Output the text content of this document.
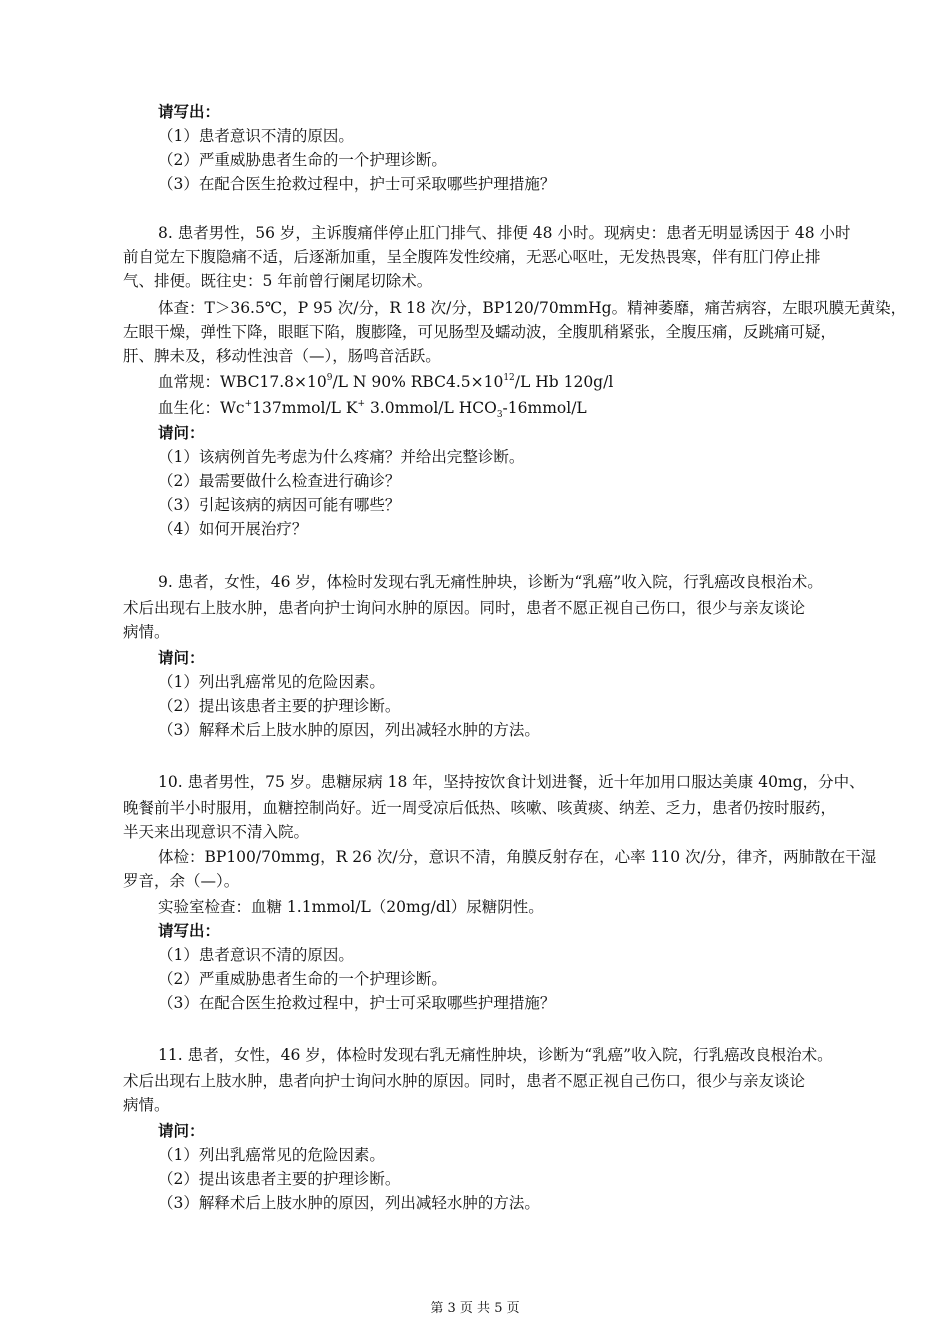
请写出：
（1）患者意识不清的原因。
（2）严重威胁患者生命的一个护理诊断。
（3）在配合医生抢救过程中，护士可采取哪些护理措施？
8. 患者男性，56 岁，主诉腹痛伴停止肛门排气、排便 48 小时。现病史：患者无明显诱因于 48 小时
前自觉左下腹隐痛不适，后逐渐加重，呈全腹阵发性绞痛，无恶心呕吐，无发热畏寒，伴有肛门停止排
气、排便。既往史：5 年前曾行阑尾切除术。
体查：T＞36.5℃，P 95 次/分，R 18 次/分，BP120/70mmHg。精神萎靡，痛苦病容，左眼巩膜无黄染，
左眼干燥，弹性下降，眼眶下陷，腹膨隆，可见肠型及蠕动波，全腹肌稍紧张，全腹压痛，反跳痛可疑，
肝、脾未及，移动性浊音（—），肠鸣音活跃。
血常规：$WBC17.8\times 10^9/L$ N 90% $RBC4.5\times 10^{12}/L$ Hb 120g/l
血生化：Wc+137mmol/L K+ 3.0mmol/L $HCO_3-16mmol/L$
请问：
（1）该病例首先考虑为什么疼痛？并给出完整诊断。
（2）最需要做什么检查进行确诊？
（3）引起该病的病因可能有哪些？
（4）如何开展治疗？
9. 患者，女性，46 岁，体检时发现右乳无痛性肿块，诊断为“乳癌”收入院，行乳癌改良根治术。
术后出现右上肢水肿，患者向护士询问水肿的原因。同时，患者不愿正视自己伤口，很少与亲友谈论
病情。
请问：
（1）列出乳癌常见的危险因素。
（2）提出该患者主要的护理诊断。
（3）解释术后上肢水肿的原因，列出减轻水肿的方法。
10. 患者男性，75 岁。患糖尿病 18 年，坚持按饮食计划进餐，近十年加用口服达美康 40mg，分中、
晚餐前半小时服用，血糖控制尚好。近一周受凉后低热、咳嗽、咳黄痰、纳差、乏力，患者仍按时服药，
半天来出现意识不清入院。
体检：BP100/70mmg，R 26 次/分，意识不清，角膜反射存在，心率 110 次/分，律齐，两肺散在干湿
罗音，余（—）。
实验室检查：血糖 1.1mmol/L（20mg/dl）尿糖阴性。
请写出：
（1）患者意识不清的原因。
（2）严重威胁患者生命的一个护理诊断。
（3）在配合医生抢救过程中，护士可采取哪些护理措施？
11. 患者，女性，46 岁，体检时发现右乳无痛性肿块，诊断为“乳癌”收入院，行乳癌改良根治术。
术后出现右上肢水肿，患者向护士询问水肿的原因。同时，患者不愿正视自己伤口，很少与亲友谈论
病情。
请问：
（1）列出乳癌常见的危险因素。
（2）提出该患者主要的护理诊断。
（3）解释术后上肢水肿的原因，列出减轻水肿的方法。
第 3 页 共 5 页
